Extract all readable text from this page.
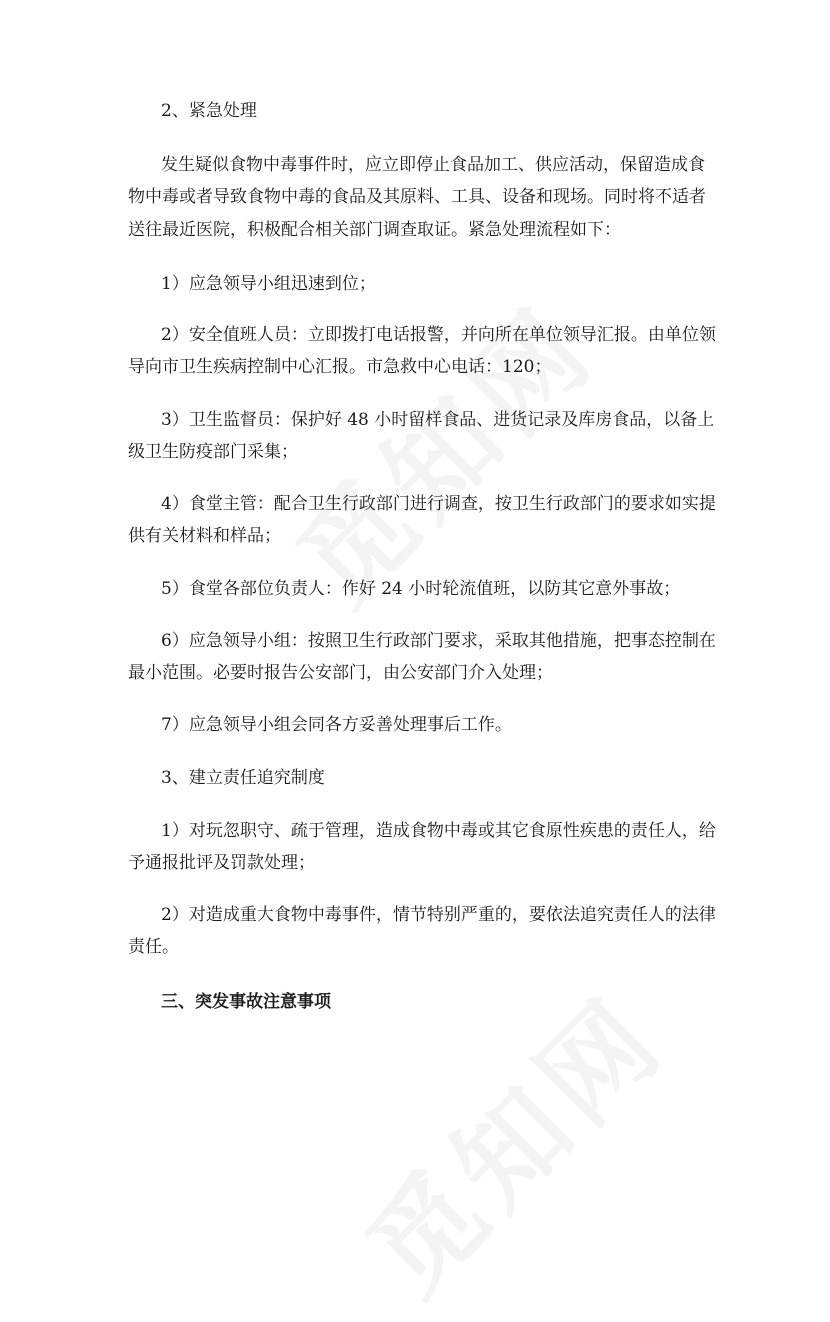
2、紧急处理
发生疑似食物中毒事件时，应立即停止食品加工、供应活动，保留造成食
物中毒或者导致食物中毒的食品及其原料、工具、设备和现场。同时将不适者
送往最近医院，积极配合相关部门调查取证。紧急处理流程如下：
1）应急领导小组迅速到位；
2）安全值班人员：立即拨打电话报警，并向所在单位领导汇报。由单位领
导向市卫生疾病控制中心汇报。市急救中心电话：120；
3）卫生监督员：保护好 48 小时留样食品、进货记录及库房食品，以备上
级卫生防疫部门采集；
4）食堂主管：配合卫生行政部门进行调查，按卫生行政部门的要求如实提
供有关材料和样品；
5）食堂各部位负责人：作好 24 小时轮流值班，以防其它意外事故；
6）应急领导小组：按照卫生行政部门要求，采取其他措施，把事态控制在
最小范围。必要时报告公安部门，由公安部门介入处理；
7）应急领导小组会同各方妥善处理事后工作。
3、建立责任追究制度
1）对玩忽职守、疏于管理，造成食物中毒或其它食原性疾患的责任人，给
予通报批评及罚款处理；
2）对造成重大食物中毒事件，情节特别严重的，要依法追究责任人的法律
责任。
三、突发事故注意事项
